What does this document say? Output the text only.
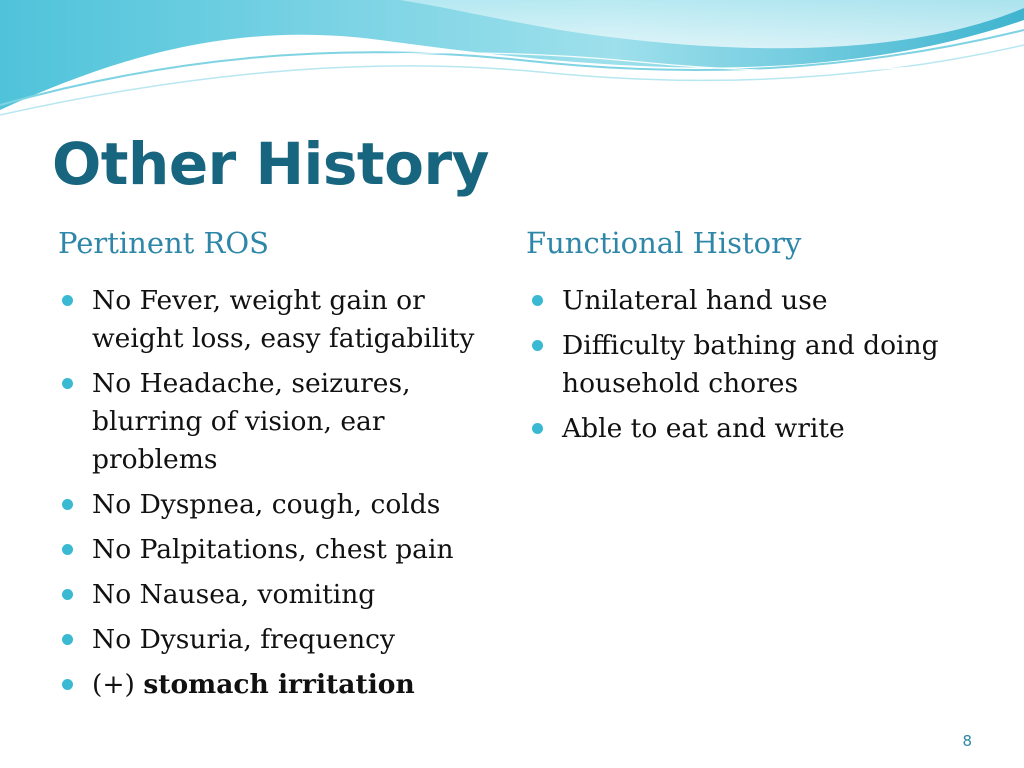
Other History
Pertinent ROS	Functional History
No Fever, weight gain or weight loss, easy fatigability
No Headache, seizures, blurring of vision, ear problems
No Dyspnea, cough, colds
No Palpitations, chest pain
No Nausea, vomiting
No Dysuria, frequency
(+) stomach irritation
Unilateral hand use
Difficulty bathing and doing household chores
Able to eat and write
8
